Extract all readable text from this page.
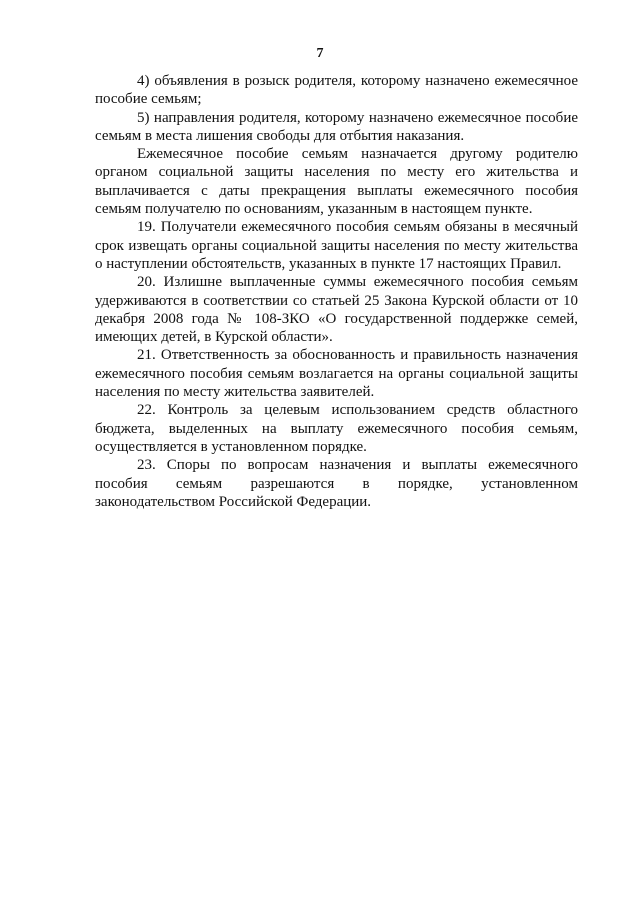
7

4) объявления в розыск родителя, которому назначено ежемесячное пособие семьям;

5) направления родителя, которому назначено ежемесячное пособие семьям в места лишения свободы для отбытия наказания.

Ежемесячное пособие семьям назначается другому родителю органом социальной защиты населения по месту его жительства и выплачивается с даты прекращения выплаты ежемесячного пособия семьям получателю по основаниям, указанным в настоящем пункте.

19. Получатели ежемесячного пособия семьям обязаны в месячный срок извещать органы социальной защиты населения по месту жительства о наступлении обстоятельств, указанных в пункте 17 настоящих Правил.

20. Излишне выплаченные суммы ежемесячного пособия семьям удерживаются в соответствии со статьей 25 Закона Курской области от 10 декабря 2008 года № 108-ЗКО «О государственной поддержке семей, имеющих детей, в Курской области».

21. Ответственность за обоснованность и правильность назначения ежемесячного пособия семьям возлагается на органы социальной защиты населения по месту жительства заявителей.

22. Контроль за целевым использованием средств областного бюджета, выделенных на выплату ежемесячного пособия семьям, осуществляется в установленном порядке.

23. Споры по вопросам назначения и выплаты ежемесячного пособия семьям разрешаются в порядке, установленном законодательством Российской Федерации.
